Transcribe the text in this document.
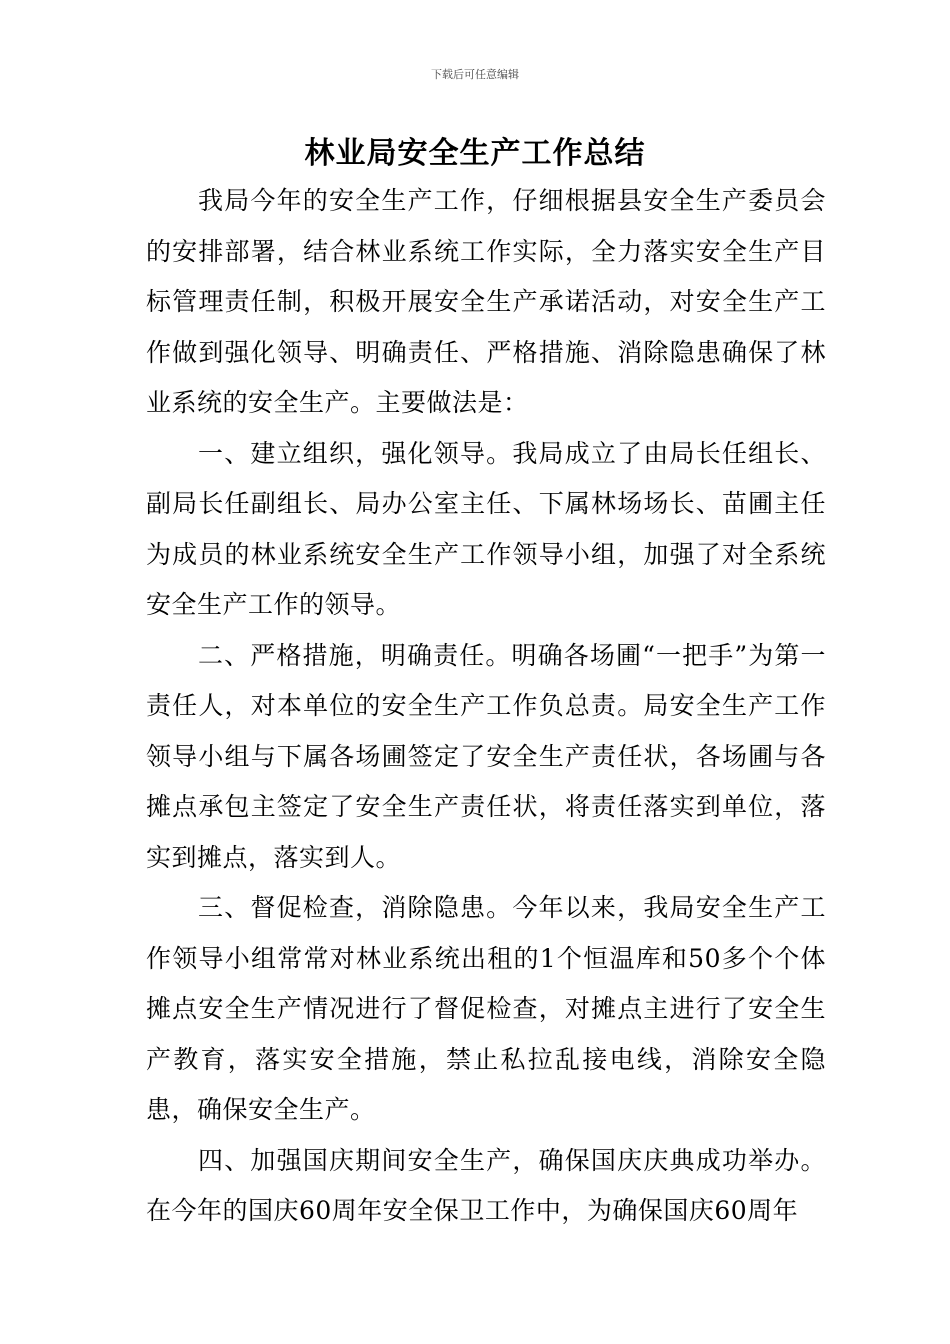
下载后可任意编辑
林业局安全生产工作总结

我局今年的安全生产工作，仔细根据县安全生产委员会的安排部署，结合林业系统工作实际，全力落实安全生产目标管理责任制，积极开展安全生产承诺活动，对安全生产工作做到强化领导、明确责任、严格措施、消除隐患确保了林业系统的安全生产。主要做法是：

一、建立组织，强化领导。我局成立了由局长任组长、副局长任副组长、局办公室主任、下属林场场长、苗圃主任为成员的林业系统安全生产工作领导小组，加强了对全系统安全生产工作的领导。

二、严格措施，明确责任。明确各场圃“一把手”为第一责任人，对本单位的安全生产工作负总责。局安全生产工作领导小组与下属各场圃签定了安全生产责任状，各场圃与各摊点承包主签定了安全生产责任状，将责任落实到单位，落实到摊点，落实到人。

三、督促检查，消除隐患。今年以来，我局安全生产工作领导小组常常对林业系统出租的1个恒温库和50多个个体摊点安全生产情况进行了督促检查，对摊点主进行了安全生产教育，落实安全措施，禁止私拉乱接电线，消除安全隐患，确保安全生产。

四、加强国庆期间安全生产，确保国庆庆典成功举办。在今年的国庆60周年安全保卫工作中，为确保国庆60周年
